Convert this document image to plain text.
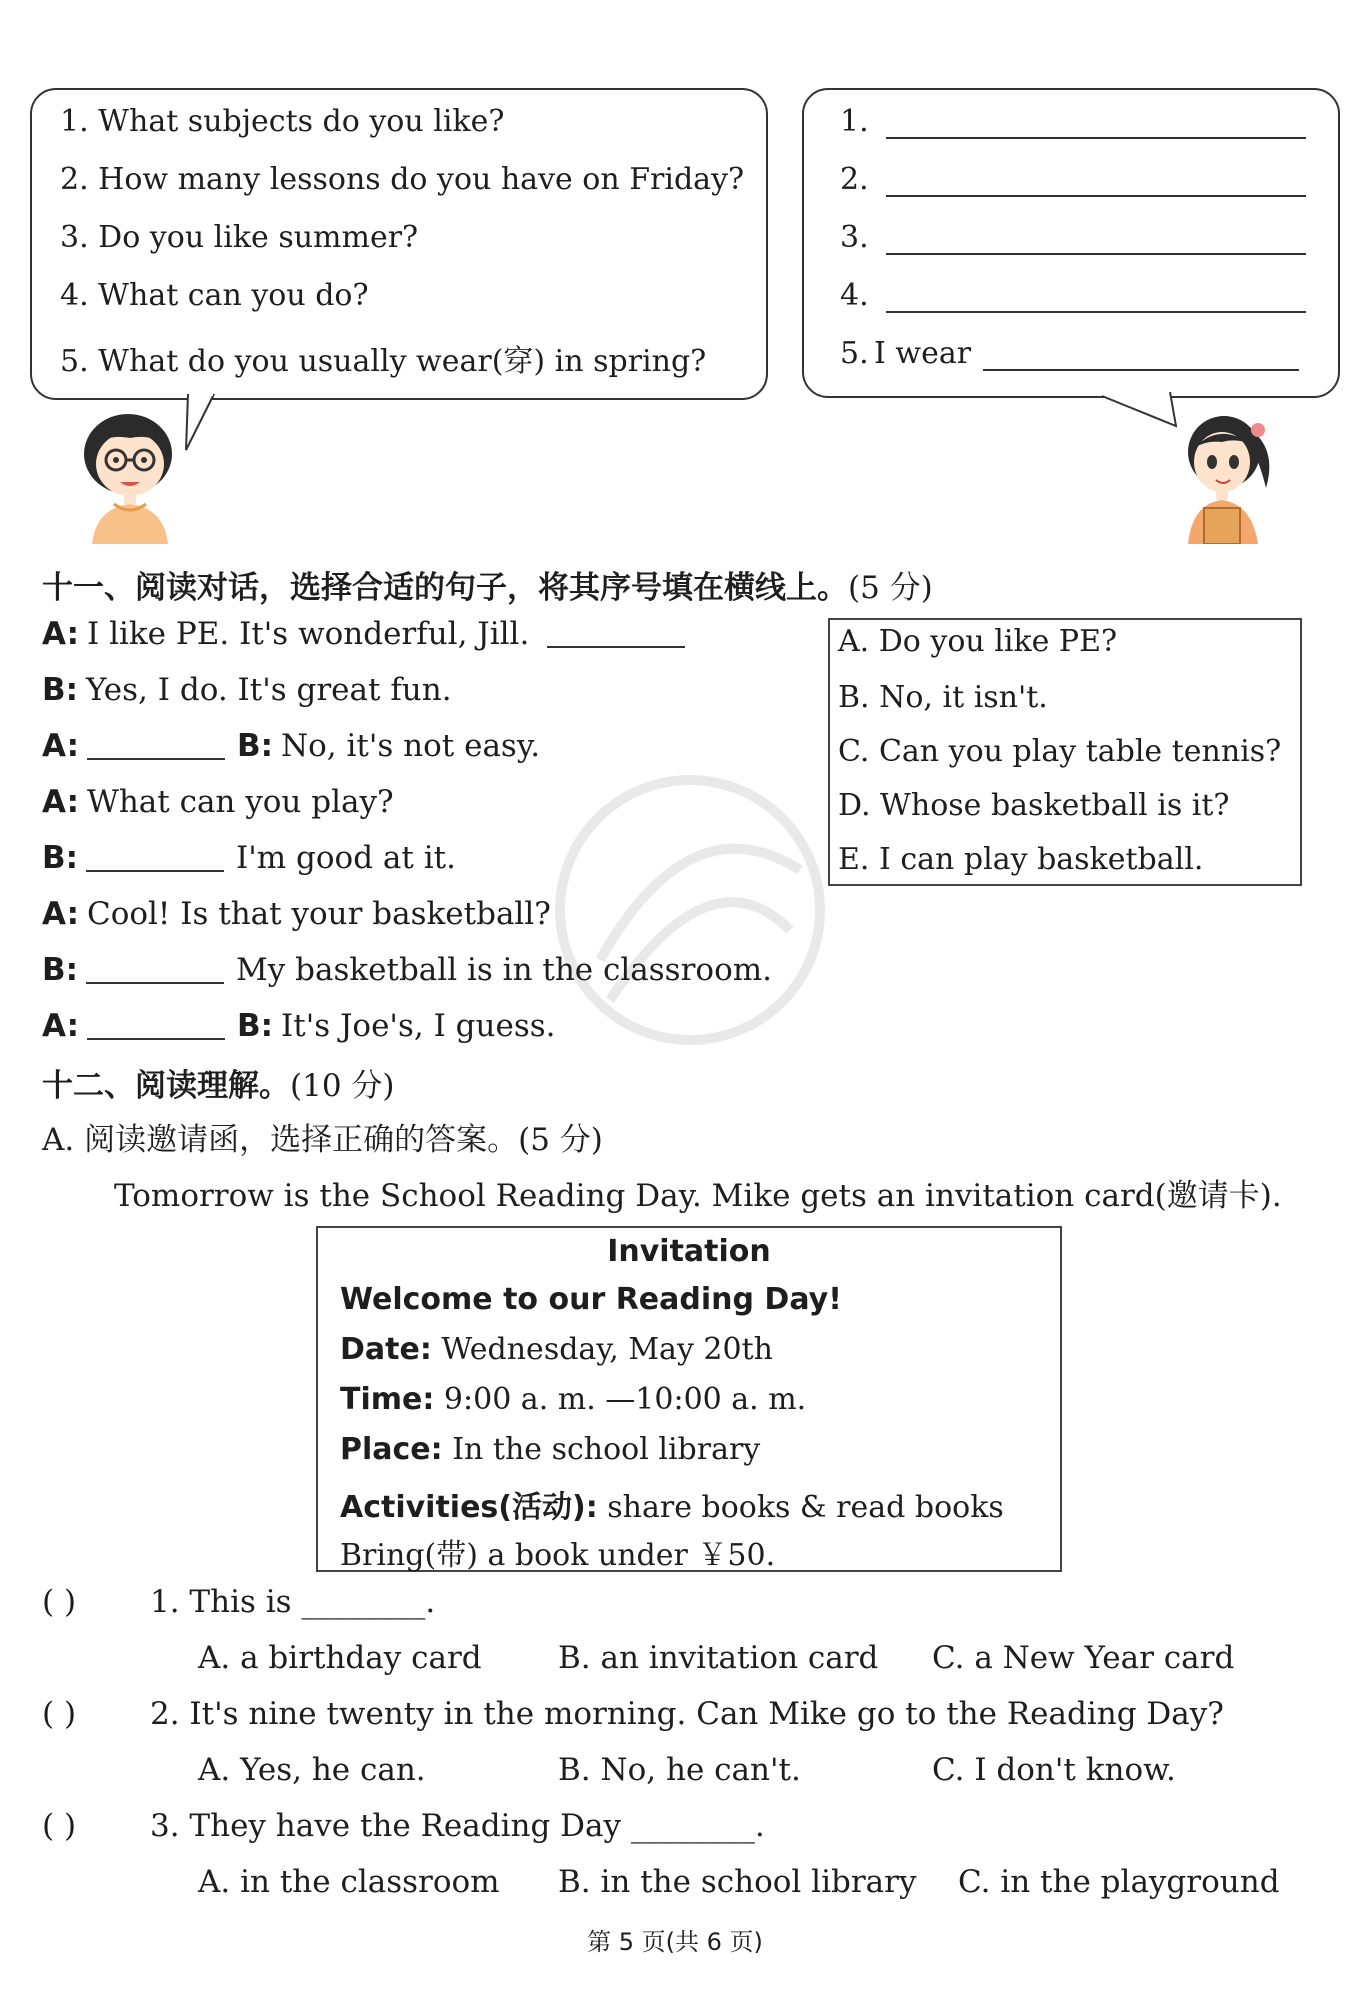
1. What subjects do you like?
2. How many lessons do you have on Friday?
3. Do you like summer?
4. What can you do?
5. What do you usually wear(穿) in spring?
1.
2.
3.
4.
5. I wear
十一、阅读对话，选择合适的句子，将其序号填在横线上。(5 分)
A: I like PE. It's wonderful, Jill.
B: Yes, I do. It's great fun.
A:	B: No, it's not easy.
A: What can you play?
B:	I'm good at it.
A: Cool! Is that your basketball?
B:	My basketball is in the classroom.
A:	B: It's Joe's, I guess.
A. Do you like PE?
B. No, it isn't.
C. Can you play table tennis?
D. Whose basketball is it?
E. I can play basketball.
十二、阅读理解。(10 分)
A. 阅读邀请函，选择正确的答案。(5 分)
Tomorrow is the School Reading Day. Mike gets an invitation card(邀请卡).
Invitation
Welcome to our Reading Day!
Date: Wednesday, May 20th
Time: 9:00 a. m. —10:00 a. m.
Place: In the school library
Activities(活动): share books & read books
Bring(带) a book under ￥50.
( ) 1. This is ________.
A. a birthday card B. an invitation card C. a New Year card
( ) 2. It's nine twenty in the morning. Can Mike go to the Reading Day?
A. Yes, he can.	B. No, he can't.	C. I don't know.
( ) 3. They have the Reading Day ________.
A. in the classroom B. in the school library C. in the playground
第 5 页(共 6 页)
